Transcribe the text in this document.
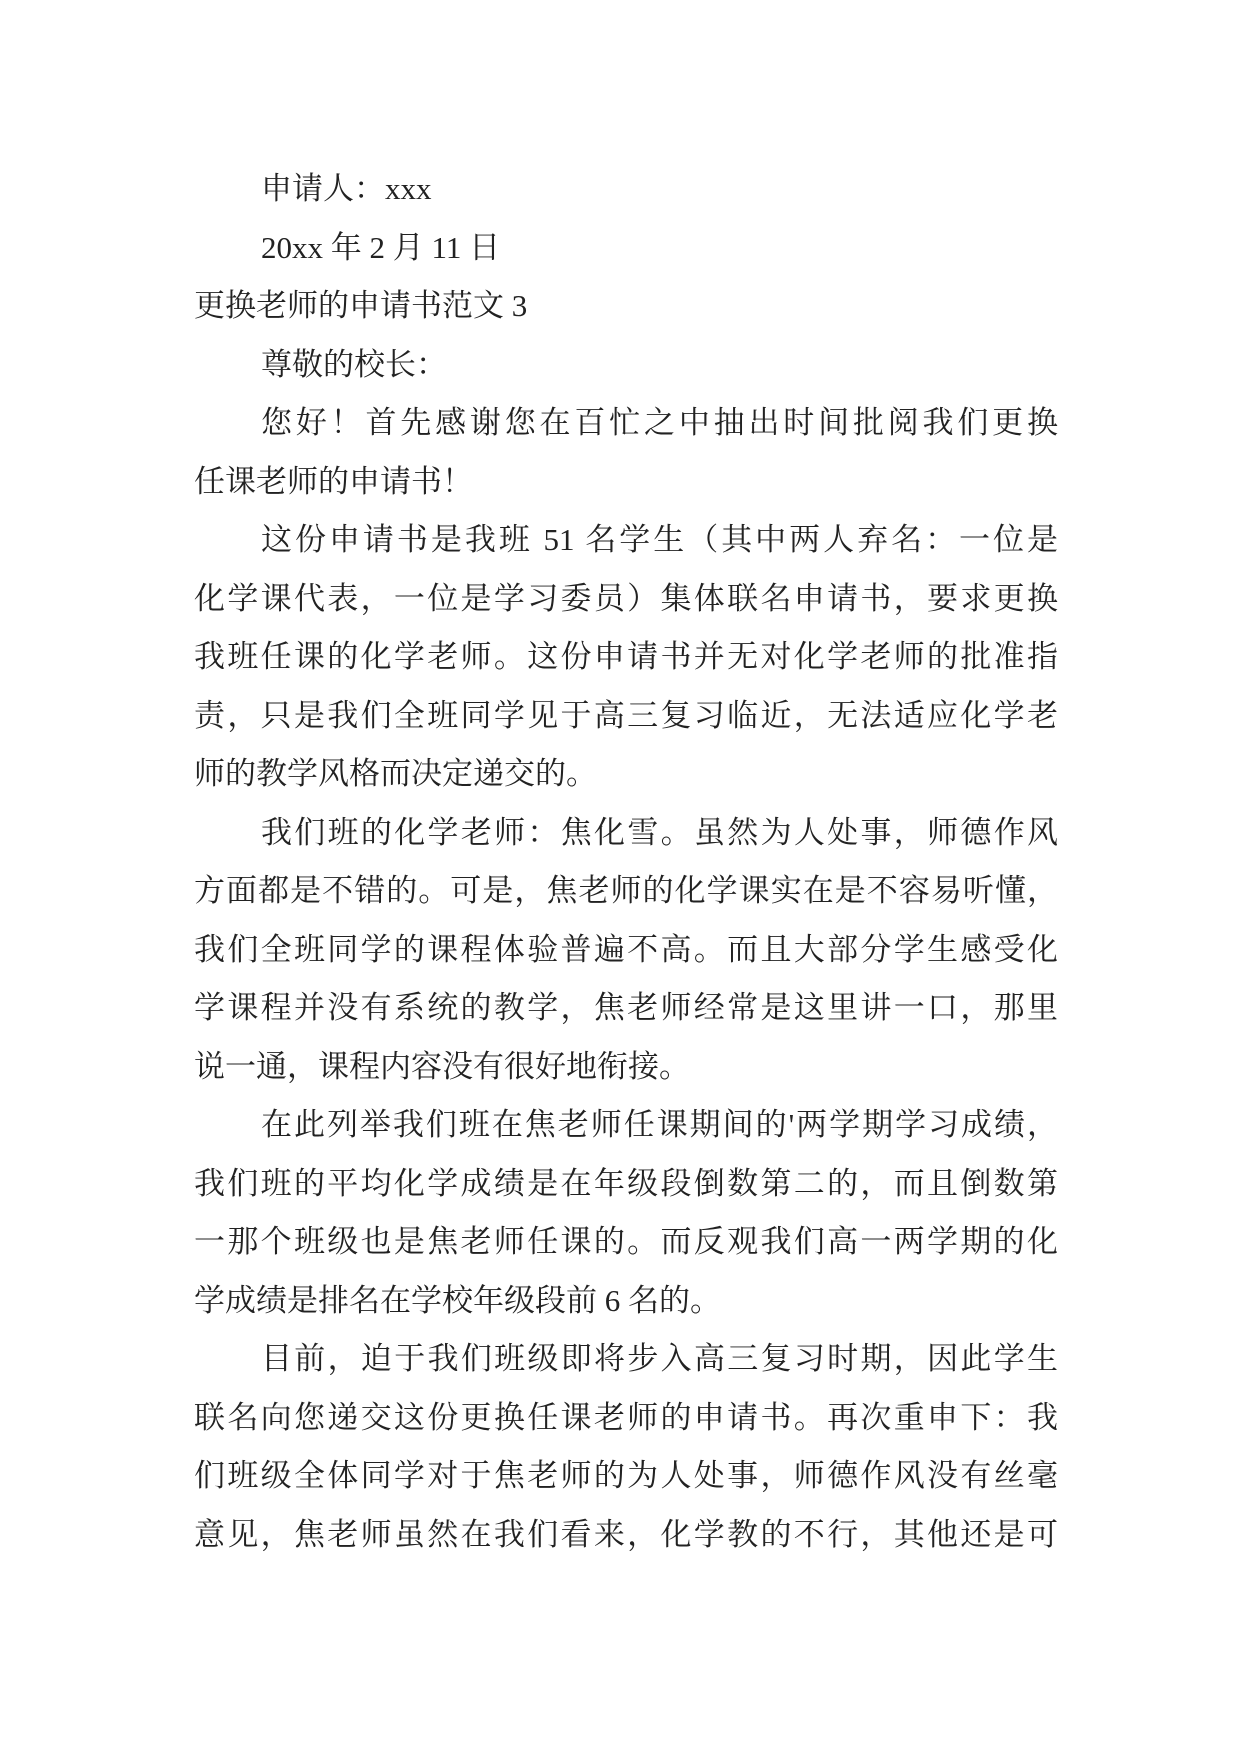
申请人：xxx
20xx 年 2 月 11 日
更换老师的申请书范文 3
尊敬的校长：
您好！首先感谢您在百忙之中抽出时间批阅我们更换
任课老师的申请书！
这份申请书是我班 51 名学生（其中两人弃名：一位是
化学课代表，一位是学习委员）集体联名申请书，要求更换
我班任课的化学老师。这份申请书并无对化学老师的批准指
责，只是我们全班同学见于高三复习临近，无法适应化学老
师的教学风格而决定递交的。
我们班的化学老师：焦化雪。虽然为人处事，师德作风
方面都是不错的。可是，焦老师的化学课实在是不容易听懂，
我们全班同学的课程体验普遍不高。而且大部分学生感受化
学课程并没有系统的教学，焦老师经常是这里讲一口，那里
说一通，课程内容没有很好地衔接。
在此列举我们班在焦老师任课期间的'两学期学习成绩，
我们班的平均化学成绩是在年级段倒数第二的，而且倒数第
一那个班级也是焦老师任课的。而反观我们高一两学期的化
学成绩是排名在学校年级段前 6 名的。
目前，迫于我们班级即将步入高三复习时期，因此学生
联名向您递交这份更换任课老师的申请书。再次重申下：我
们班级全体同学对于焦老师的为人处事，师德作风没有丝毫
意见，焦老师虽然在我们看来，化学教的不行，其他还是可
